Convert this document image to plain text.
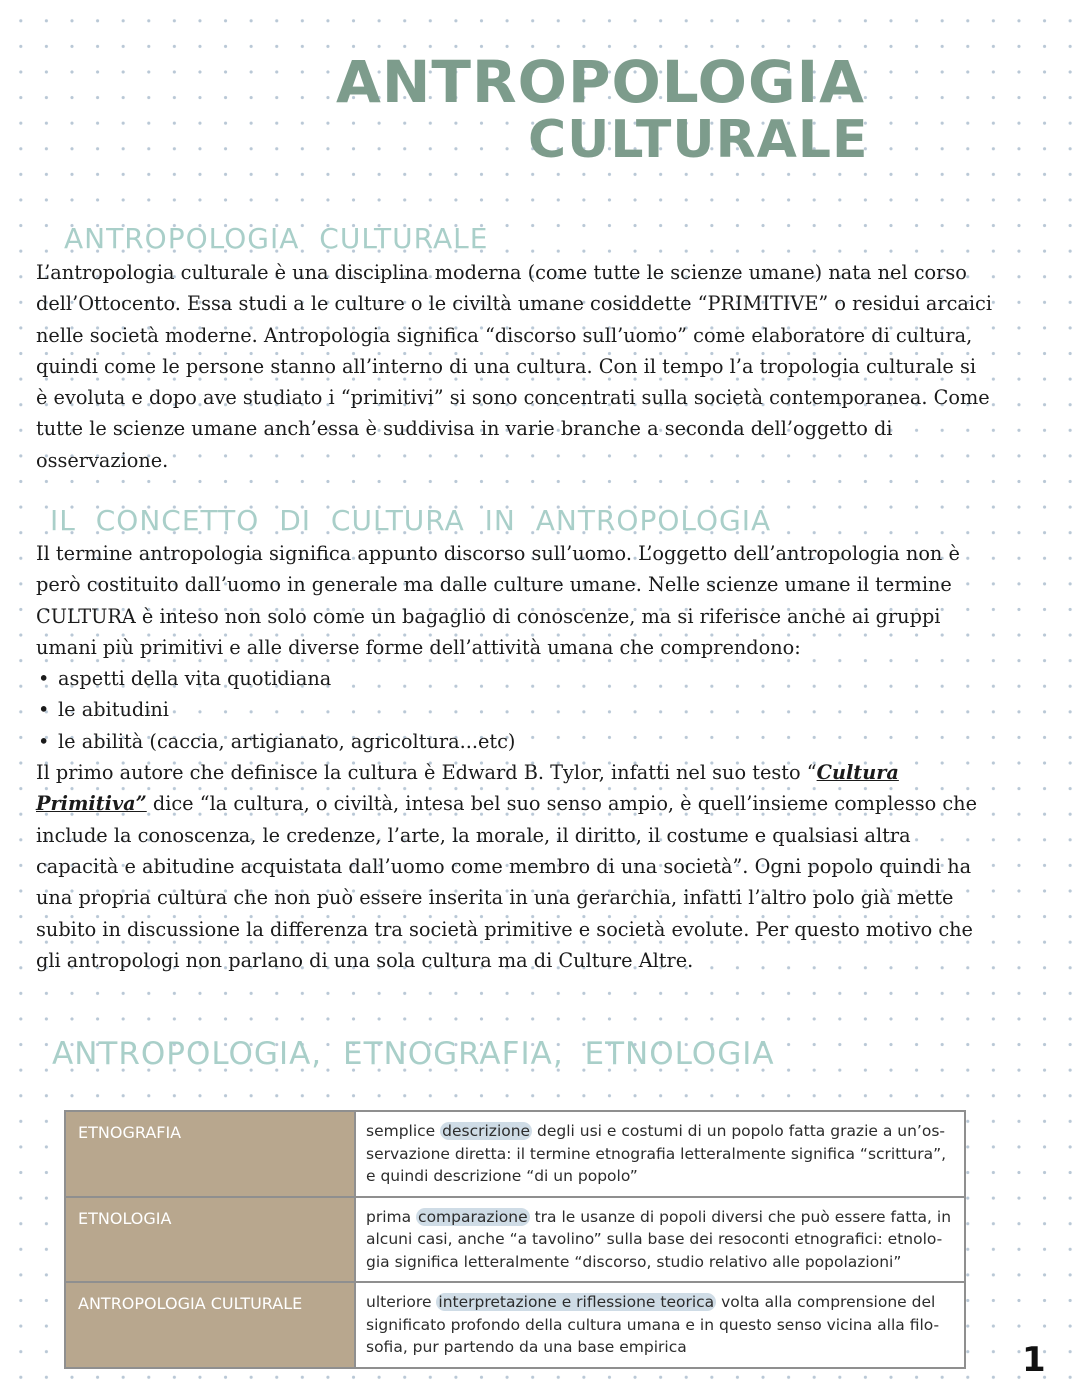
ANTROPOLOGIA
CULTURALE
ANTROPOLOGIA CULTURALE
L’antropologia culturale è una disciplina moderna (come tutte le scienze umane) nata nel corso
dell’Ottocento. Essa studi a le culture o le civiltà umane cosiddette “PRIMITIVE” o residui arcaici
nelle società moderne. Antropologia significa “discorso sull’uomo” come elaboratore di cultura,
quindi come le persone stanno all’interno di una cultura. Con il tempo l’a tropologia culturale si
è evoluta e dopo ave studiato i “primitivi” si sono concentrati sulla società contemporanea. Come
tutte le scienze umane anch’essa è suddivisa in varie branche a seconda dell’oggetto di
osservazione.
IL CONCETTO DI CULTURA IN ANTROPOLOGIA
Il termine antropologia significa appunto discorso sull’uomo. L’oggetto dell’antropologia non è
però costituito dall’uomo in generale ma dalle culture umane. Nelle scienze umane il termine
CULTURA è inteso non solo come un bagaglio di conoscenze, ma si riferisce anche ai gruppi
umani più primitivi e alle diverse forme dell’attività umana che comprendono:
• aspetti della vita quotidiana
• le abitudini
• le abilità (caccia, artigianato, agricoltura...etc)
Il primo autore che definisce la cultura è Edward B. Tylor, infatti nel suo testo “Cultura
Primitiva” dice “la cultura, o civiltà, intesa bel suo senso ampio, è quell’insieme complesso che
include la conoscenza, le credenze, l’arte, la morale, il diritto, il costume e qualsiasi altra
capacità e abitudine acquistata dall’uomo come membro di una società”. Ogni popolo quindi ha
una propria cultura che non può essere inserita in una gerarchia, infatti l’altro polo già mette
subito in discussione la differenza tra società primitive e società evolute. Per questo motivo che
gli antropologi non parlano di una sola cultura ma di Culture Altre.
ANTROPOLOGIA, ETNOGRAFIA, ETNOLOGIA
ETNOGRAFIA	semplice descrizione degli usi e costumi di un popolo fatta grazie a un’os-servazione diretta: il termine etnografia letteralmente significa “scrittura”, e quindi descrizione “di un popolo”
ETNOLOGIA	prima comparazione tra le usanze di popoli diversi che può essere fatta, in alcuni casi, anche “a tavolino” sulla base dei resoconti etnografici: etnolo-gia significa letteralmente “discorso, studio relativo alle popolazioni”
ANTROPOLOGIA CULTURALE	ulteriore interpretazione e riflessione teorica volta alla comprensione del significato profondo della cultura umana e in questo senso vicina alla filo-sofia, pur partendo da una base empirica	1
